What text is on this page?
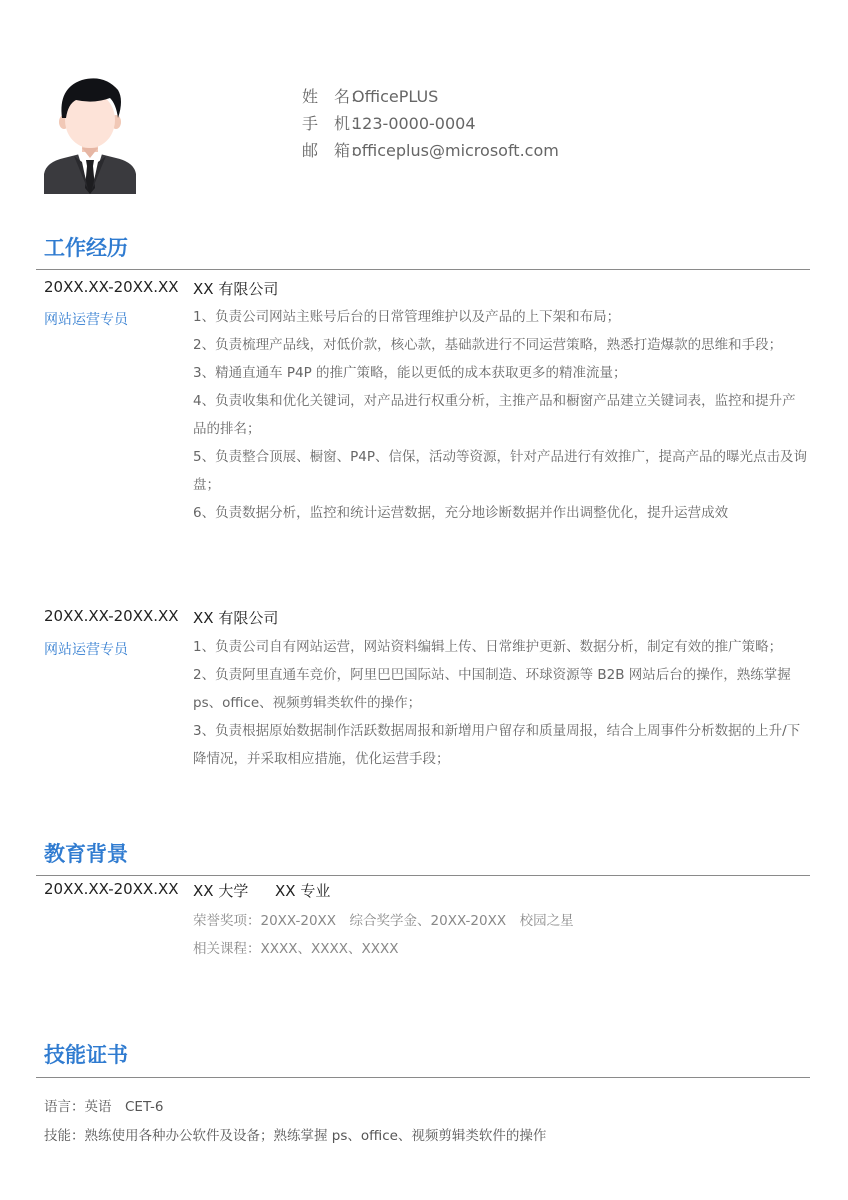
姓　名：OfficePLUS
手　机：123-0000-0004
邮　箱：officeplus@microsoft.com
工作经历
20XX.XX-20XX.XX XX 有限公司
网站运营专员	1、负责公司网站主账号后台的日常管理维护以及产品的上下架和布局；

2、负责梳理产品线，对低价款，核心款，基础款进行不同运营策略，熟悉打造爆款的思维和手段；

3、精通直通车 P4P 的推广策略，能以更低的成本获取更多的精准流量；

4、负责收集和优化关键词，对产品进行权重分析，主推产品和橱窗产品建立关键词表，监控和提升产品的排名；

5、负责整合顶展、橱窗、P4P、信保，活动等资源，针对产品进行有效推广，提高产品的曝光点击及询盘；

6、负责数据分析，监控和统计运营数据，充分地诊断数据并作出调整优化，提升运营成效

20XX.XX-20XX.XX XX 有限公司
网站运营专员	1、负责公司自有网站运营，网站资料编辑上传、日常维护更新、数据分析，制定有效的推广策略；

2、负责阿里直通车竞价，阿里巴巴国际站、中国制造、环球资源等 B2B 网站后台的操作，熟练掌握 ps、office、视频剪辑类软件的操作；

3、负责根据原始数据制作活跃数据周报和新增用户留存和质量周报，结合上周事件分析数据的上升/下降情况，并采取相应措施，优化运营手段；

教育背景
20XX.XX-20XX.XX XX 大学 XX 专业
荣誉奖项：20XX-20XX　综合奖学金、20XX-20XX　校园之星
相关课程：XXXX、XXXX、XXXX
技能证书
语言：英语　CET-6
技能：熟练使用各种办公软件及设备；熟练掌握 ps、office、视频剪辑类软件的操作
